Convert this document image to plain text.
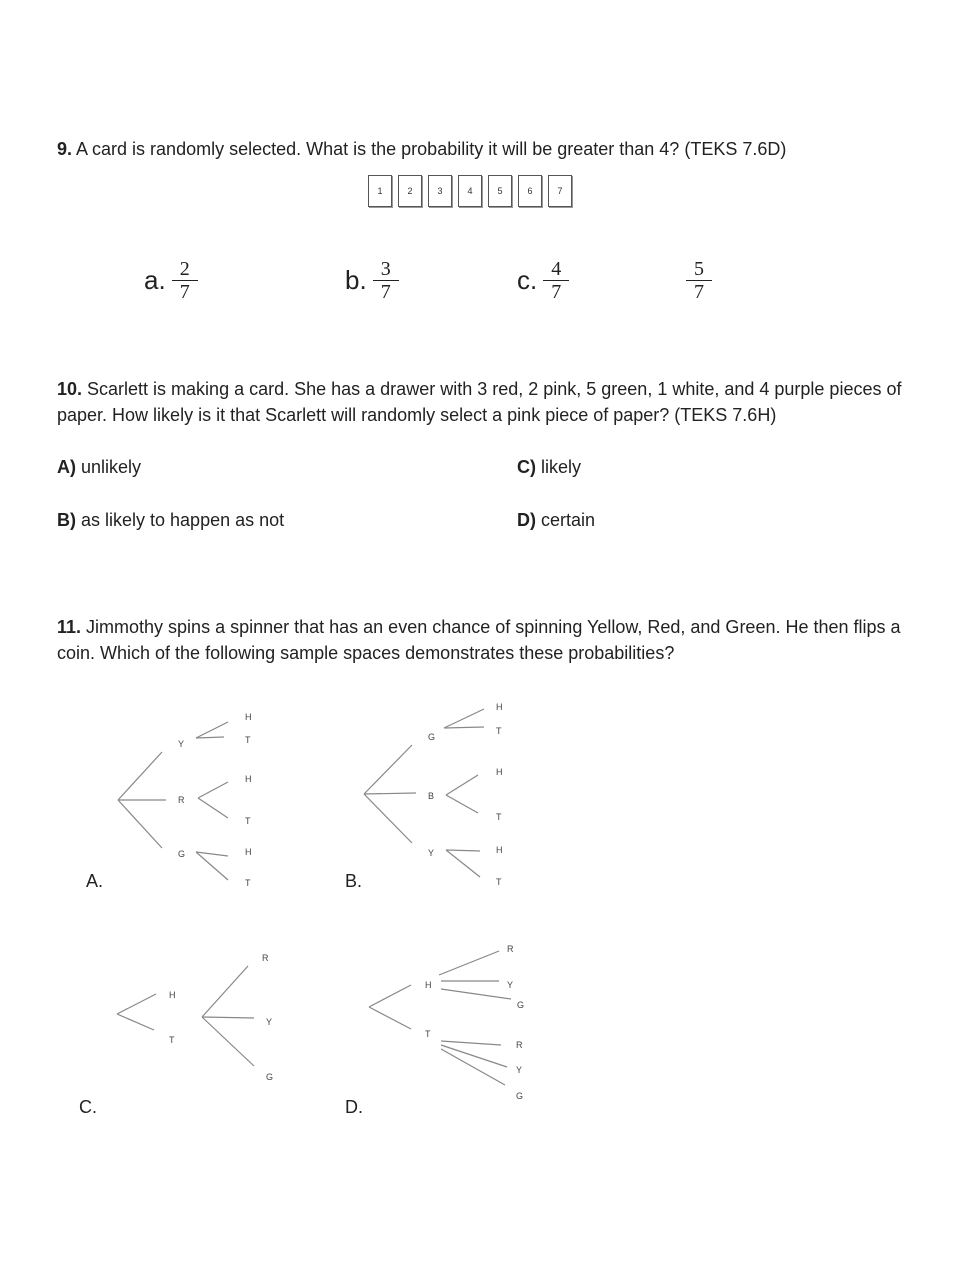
9. A card is randomly selected. What is the probability it will be greater than 4? (TEKS 7.6D)
1	2	3	4	5	6	7
a. $\frac{2}{7}$	b. $\frac{3}{7}$	c. $\frac{4}{7}$	$\frac{5}{7}$
10. Scarlett is making a card. She has a drawer with 3 red, 2 pink, 5 green, 1 white, and 4 purple pieces of paper. How likely is it that Scarlett will randomly select a pink piece of paper? (TEKS 7.6H)
A) unlikely	C) likely
B) as likely to happen as not	D) certain
11. Jimmothy spins a spinner that has an even chance of spinning Yellow, Red, and Green. He then flips a coin. Which of the following sample spaces demonstrates these probabilities?
Y
R
G
H
T
H
T
H
T
A.
G
B
Y
H
T
H
T
H
T
B.
H
T
R
Y
G
C.
H
T
R
Y
G
R
Y
G
D.
